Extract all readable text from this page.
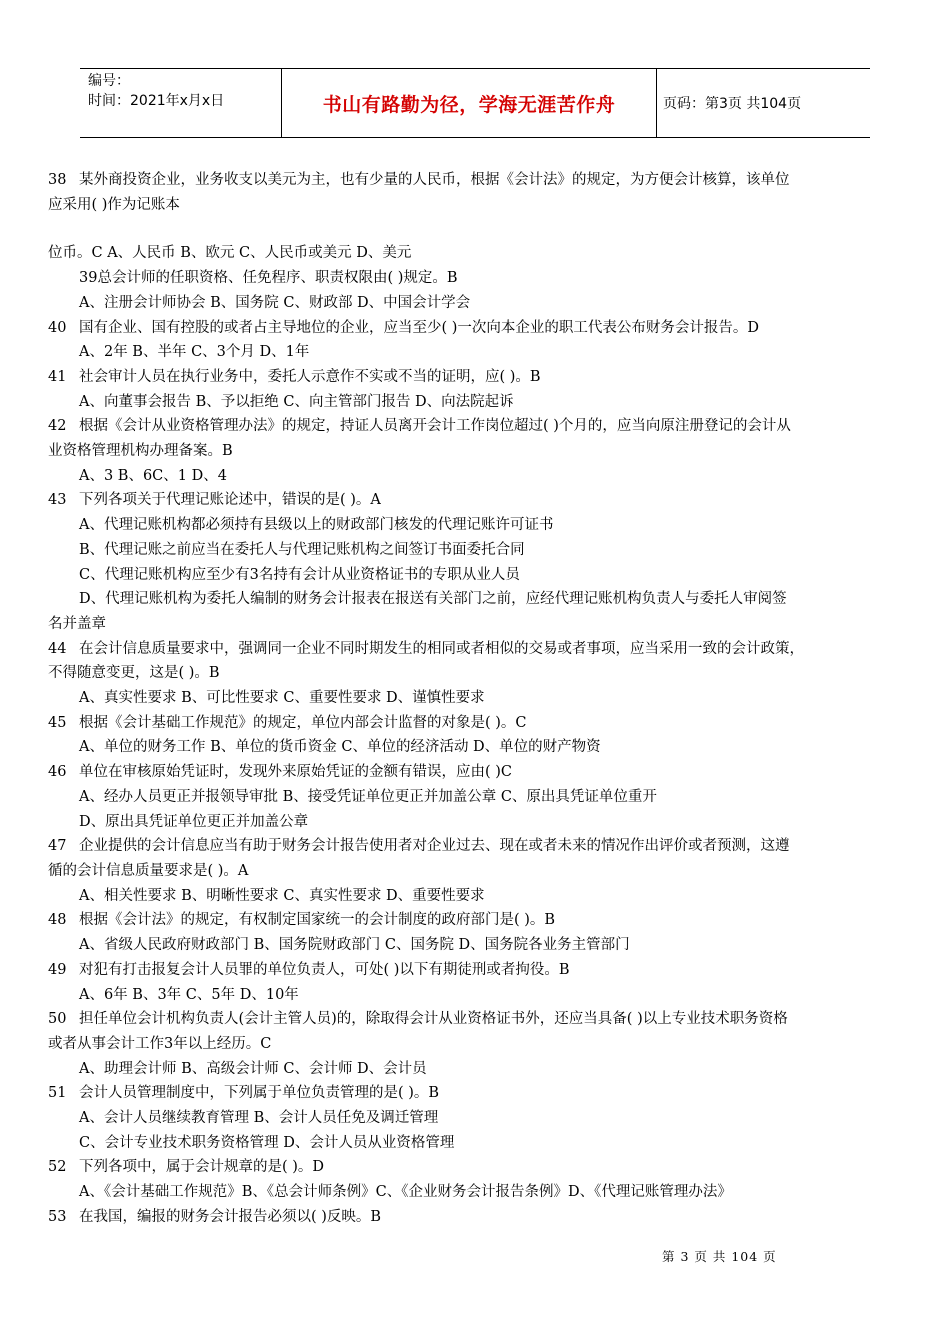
编号：
时间：2021年x月x日	书山有路勤为径，学海无涯苦作舟	页码：第3页 共104页

38 某外商投资企业，业务收支以美元为主，也有少量的人民币，根据《会计法》的规定，为方便会计核算，该单位

应采用( )作为记账本

位币。C A、人民币 B、欧元 C、人民币或美元 D、美元

39总会计师的任职资格、任免程序、职责权限由( )规定。B

A、注册会计师协会 B、国务院 C、财政部 D、中国会计学会

40 国有企业、国有控股的或者占主导地位的企业，应当至少( )一次向本企业的职工代表公布财务会计报告。D

A、2年 B、半年 C、3个月 D、1年

41 社会审计人员在执行业务中，委托人示意作不实或不当的证明，应( )。B

A、向董事会报告 B、予以拒绝 C、向主管部门报告 D、向法院起诉

42 根据《会计从业资格管理办法》的规定，持证人员离开会计工作岗位超过( )个月的，应当向原注册登记的会计从

业资格管理机构办理备案。B

A、3 B、6C、1 D、4

43 下列各项关于代理记账论述中，错误的是( )。A

A、代理记账机构都必须持有县级以上的财政部门核发的代理记账许可证书

B、代理记账之前应当在委托人与代理记账机构之间签订书面委托合同

C、代理记账机构应至少有3名持有会计从业资格证书的专职从业人员

D、代理记账机构为委托人编制的财务会计报表在报送有关部门之前，应经代理记账机构负责人与委托人审阅签

名并盖章

44 在会计信息质量要求中，强调同一企业不同时期发生的相同或者相似的交易或者事项，应当采用一致的会计政策，

不得随意变更，这是( )。B

A、真实性要求 B、可比性要求 C、重要性要求 D、谨慎性要求

45 根据《会计基础工作规范》的规定，单位内部会计监督的对象是( )。C

A、单位的财务工作 B、单位的货币资金 C、单位的经济活动 D、单位的财产物资

46 单位在审核原始凭证时，发现外来原始凭证的金额有错误，应由( )C

A、经办人员更正并报领导审批 B、接受凭证单位更正并加盖公章 C、原出具凭证单位重开

D、原出具凭证单位更正并加盖公章

47 企业提供的会计信息应当有助于财务会计报告使用者对企业过去、现在或者未来的情况作出评价或者预测，这遵

循的会计信息质量要求是( )。A

A、相关性要求 B、明晰性要求 C、真实性要求 D、重要性要求

48 根据《会计法》的规定，有权制定国家统一的会计制度的政府部门是( )。B

A、省级人民政府财政部门 B、国务院财政部门 C、国务院 D、国务院各业务主管部门

49 对犯有打击报复会计人员罪的单位负责人，可处( )以下有期徒刑或者拘役。B

A、6年 B、3年 C、5年 D、10年

50 担任单位会计机构负责人(会计主管人员)的，除取得会计从业资格证书外，还应当具备( )以上专业技术职务资格

或者从事会计工作3年以上经历。C

A、助理会计师 B、高级会计师 C、会计师 D、会计员

51 会计人员管理制度中，下列属于单位负责管理的是( )。B

A、会计人员继续教育管理 B、会计人员任免及调迁管理

C、会计专业技术职务资格管理 D、会计人员从业资格管理

52 下列各项中，属于会计规章的是( )。D

A、《会计基础工作规范》B、《总会计师条例》C、《企业财务会计报告条例》D、《代理记账管理办法》

53 在我国，编报的财务会计报告必须以( )反映。B

第 3 页 共 104 页
